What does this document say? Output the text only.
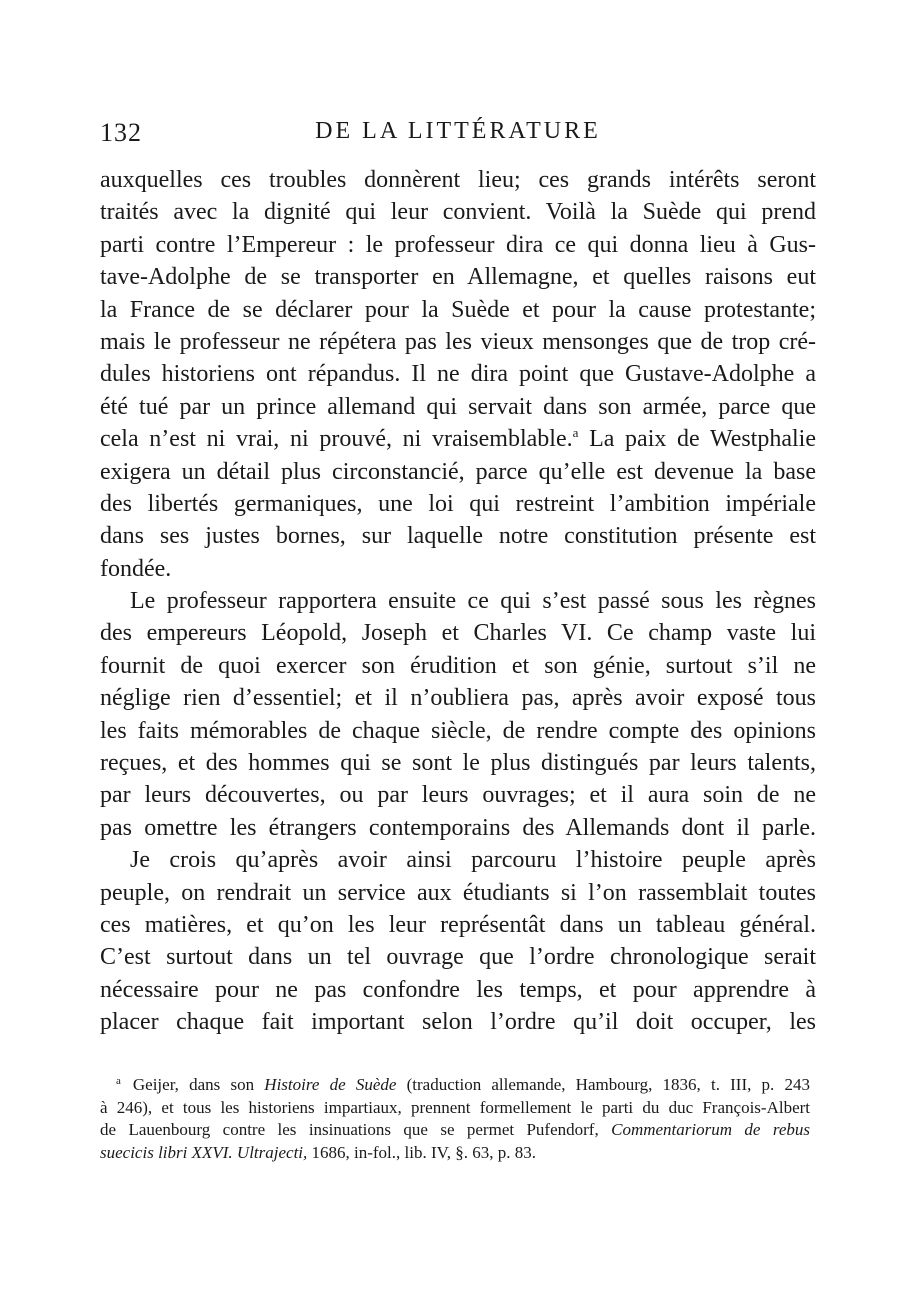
132	DE LA LITTÉRATURE
auxquelles ces troubles donnèrent lieu; ces grands intérêts seront
traités avec la dignité qui leur convient. Voilà la Suède qui prend
parti contre l’Empereur : le professeur dira ce qui donna lieu à Gus-
tave-Adolphe de se transporter en Allemagne, et quelles raisons eut
la France de se déclarer pour la Suède et pour la cause protestante;
mais le professeur ne répétera pas les vieux mensonges que de trop cré-
dules historiens ont répandus. Il ne dira point que Gustave-Adolphe a
été tué par un prince allemand qui servait dans son armée, parce que
cela n’est ni vrai, ni prouvé, ni vraisemblable.$^a$ La paix de Westphalie
exigera un détail plus circonstancié, parce qu’elle est devenue la base
des libertés germaniques, une loi qui restreint l’ambition impériale
dans ses justes bornes, sur laquelle notre constitution présente est
fondée.
Le professeur rapportera ensuite ce qui s’est passé sous les règnes
des empereurs Léopold, Joseph et Charles VI. Ce champ vaste lui
fournit de quoi exercer son érudition et son génie, surtout s’il ne
néglige rien d’essentiel; et il n’oubliera pas, après avoir exposé tous
les faits mémorables de chaque siècle, de rendre compte des opinions
reçues, et des hommes qui se sont le plus distingués par leurs talents,
par leurs découvertes, ou par leurs ouvrages; et il aura soin de ne
pas omettre les étrangers contemporains des Allemands dont il parle.
Je crois qu’après avoir ainsi parcouru l’histoire peuple après
peuple, on rendrait un service aux étudiants si l’on rassemblait toutes
ces matières, et qu’on les leur représentât dans un tableau général.
C’est surtout dans un tel ouvrage que l’ordre chronologique serait
nécessaire pour ne pas confondre les temps, et pour apprendre à
placer chaque fait important selon l’ordre qu’il doit occuper, les
$^a$ Geijer, dans son Histoire de Suède (traduction allemande, Hambourg, 1836, t. III, p. 243
à 246), et tous les historiens impartiaux, prennent formellement le parti du duc François-Albert
de Lauenbourg contre les insinuations que se permet Pufendorf, Commentariorum de rebus
suecicis libri XXVI. Ultrajecti, 1686, in-fol., lib. IV, §. 63, p. 83.
